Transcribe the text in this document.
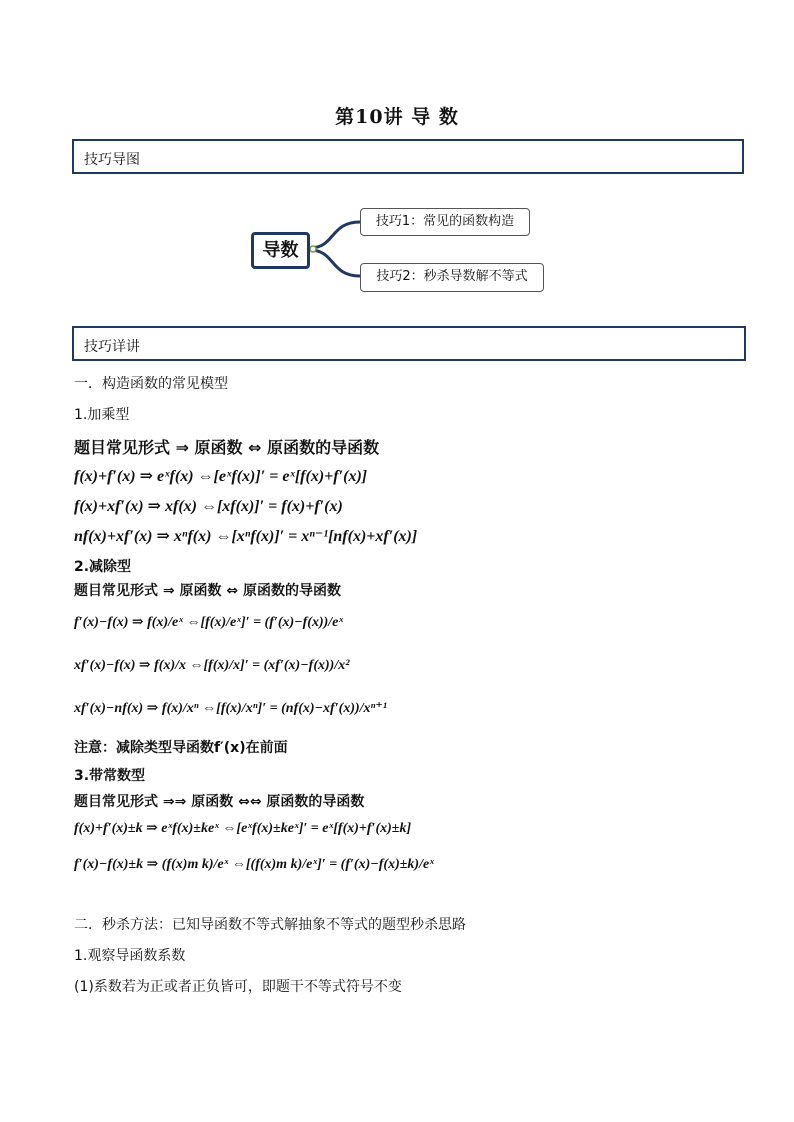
第10讲 导 数
技巧导图
导数
技巧1：常见的函数构造
技巧2：秒杀导数解不等式
技巧详讲
一．构造函数的常见模型
1.加乘型
题目常见形式 ⇒ 原函数 ⇔ 原函数的导函数
f(x)+f′(x) ⇒ eˣf(x) ⇔[eˣf(x)]′ = eˣ[f(x)+f′(x)]
f(x)+xf′(x) ⇒ xf(x) ⇔[xf(x)]′ = f(x)+f′(x)
nf(x)+xf′(x) ⇒ xⁿf(x) ⇔[xⁿf(x)]′ = xⁿ⁻¹[nf(x)+xf′(x)]
2.减除型
题目常见形式 ⇒ 原函数 ⇔ 原函数的导函数
f′(x)−f(x) ⇒ f(x)/eˣ ⇔[f(x)/eˣ]′ = (f′(x)−f(x))/eˣ
xf′(x)−f(x) ⇒ f(x)/x ⇔[f(x)/x]′ = (xf′(x)−f(x))/x²
xf′(x)−nf(x) ⇒ f(x)/xⁿ ⇔[f(x)/xⁿ]′ = (nf(x)−xf′(x))/xⁿ⁺¹
注意：减除类型导函数f′(x)在前面
3.带常数型
题目常见形式 ⇒⇒ 原函数 ⇔⇔ 原函数的导函数
f(x)+f′(x)±k ⇒ eˣf(x)±keˣ ⇔[eˣf(x)±keˣ]′ = eˣ[f(x)+f′(x)±k]
f′(x)−f(x)±k ⇒ (f(x)m k)/eˣ ⇔[(f(x)m k)/eˣ]′ = (f′(x)−f(x)±k)/eˣ
二．秒杀方法：已知导函数不等式解抽象不等式的题型秒杀思路
1.观察导函数系数
(1)系数若为正或者正负皆可，即题干不等式符号不变
